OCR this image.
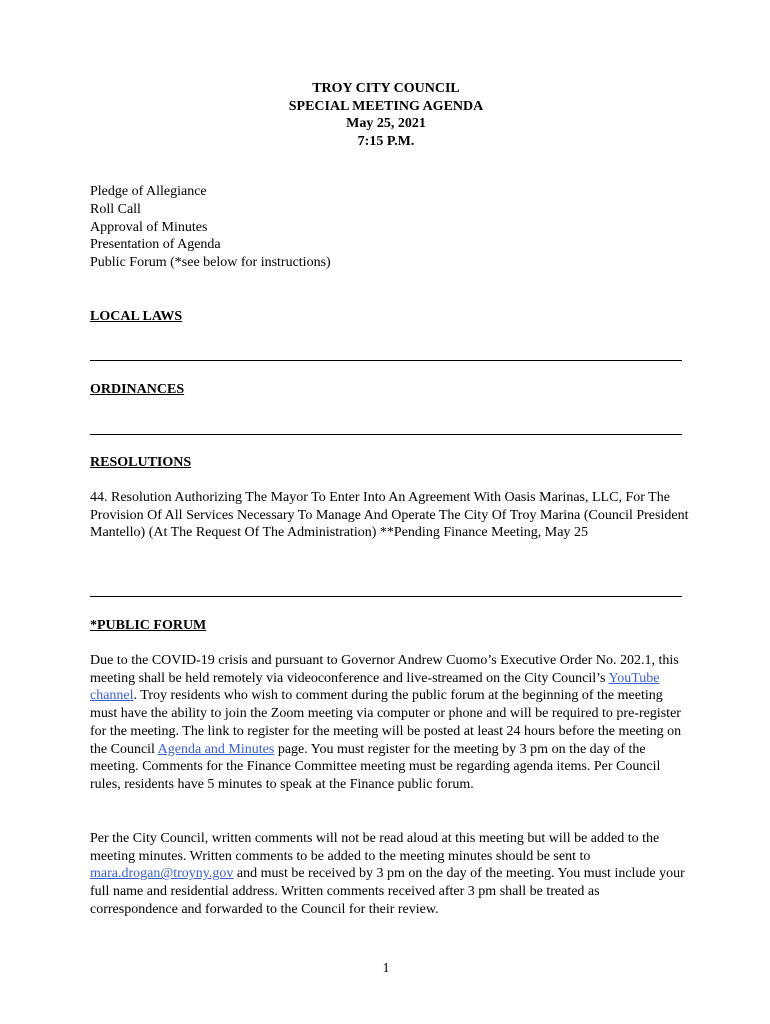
TROY CITY COUNCIL
SPECIAL MEETING AGENDA
May 25, 2021
7:15 P.M.
Pledge of Allegiance
Roll Call
Approval of Minutes
Presentation of Agenda
Public Forum (*see below for instructions)
LOCAL LAWS
ORDINANCES
RESOLUTIONS
44. Resolution Authorizing The Mayor To Enter Into An Agreement With Oasis Marinas, LLC, For The Provision Of All Services Necessary To Manage And Operate The City Of Troy Marina (Council President Mantello) (At The Request Of The Administration) **Pending Finance Meeting, May 25
*PUBLIC FORUM
Due to the COVID-19 crisis and pursuant to Governor Andrew Cuomo’s Executive Order No. 202.1, this meeting shall be held remotely via videoconference and live-streamed on the City Council’s YouTube channel. Troy residents who wish to comment during the public forum at the beginning of the meeting must have the ability to join the Zoom meeting via computer or phone and will be required to pre-register for the meeting. The link to register for the meeting will be posted at least 24 hours before the meeting on the Council Agenda and Minutes page. You must register for the meeting by 3 pm on the day of the meeting. Comments for the Finance Committee meeting must be regarding agenda items. Per Council rules, residents have 5 minutes to speak at the Finance public forum.
Per the City Council, written comments will not be read aloud at this meeting but will be added to the meeting minutes. Written comments to be added to the meeting minutes should be sent to mara.drogan@troyny.gov and must be received by 3 pm on the day of the meeting. You must include your full name and residential address. Written comments received after 3 pm shall be treated as correspondence and forwarded to the Council for their review.
1
